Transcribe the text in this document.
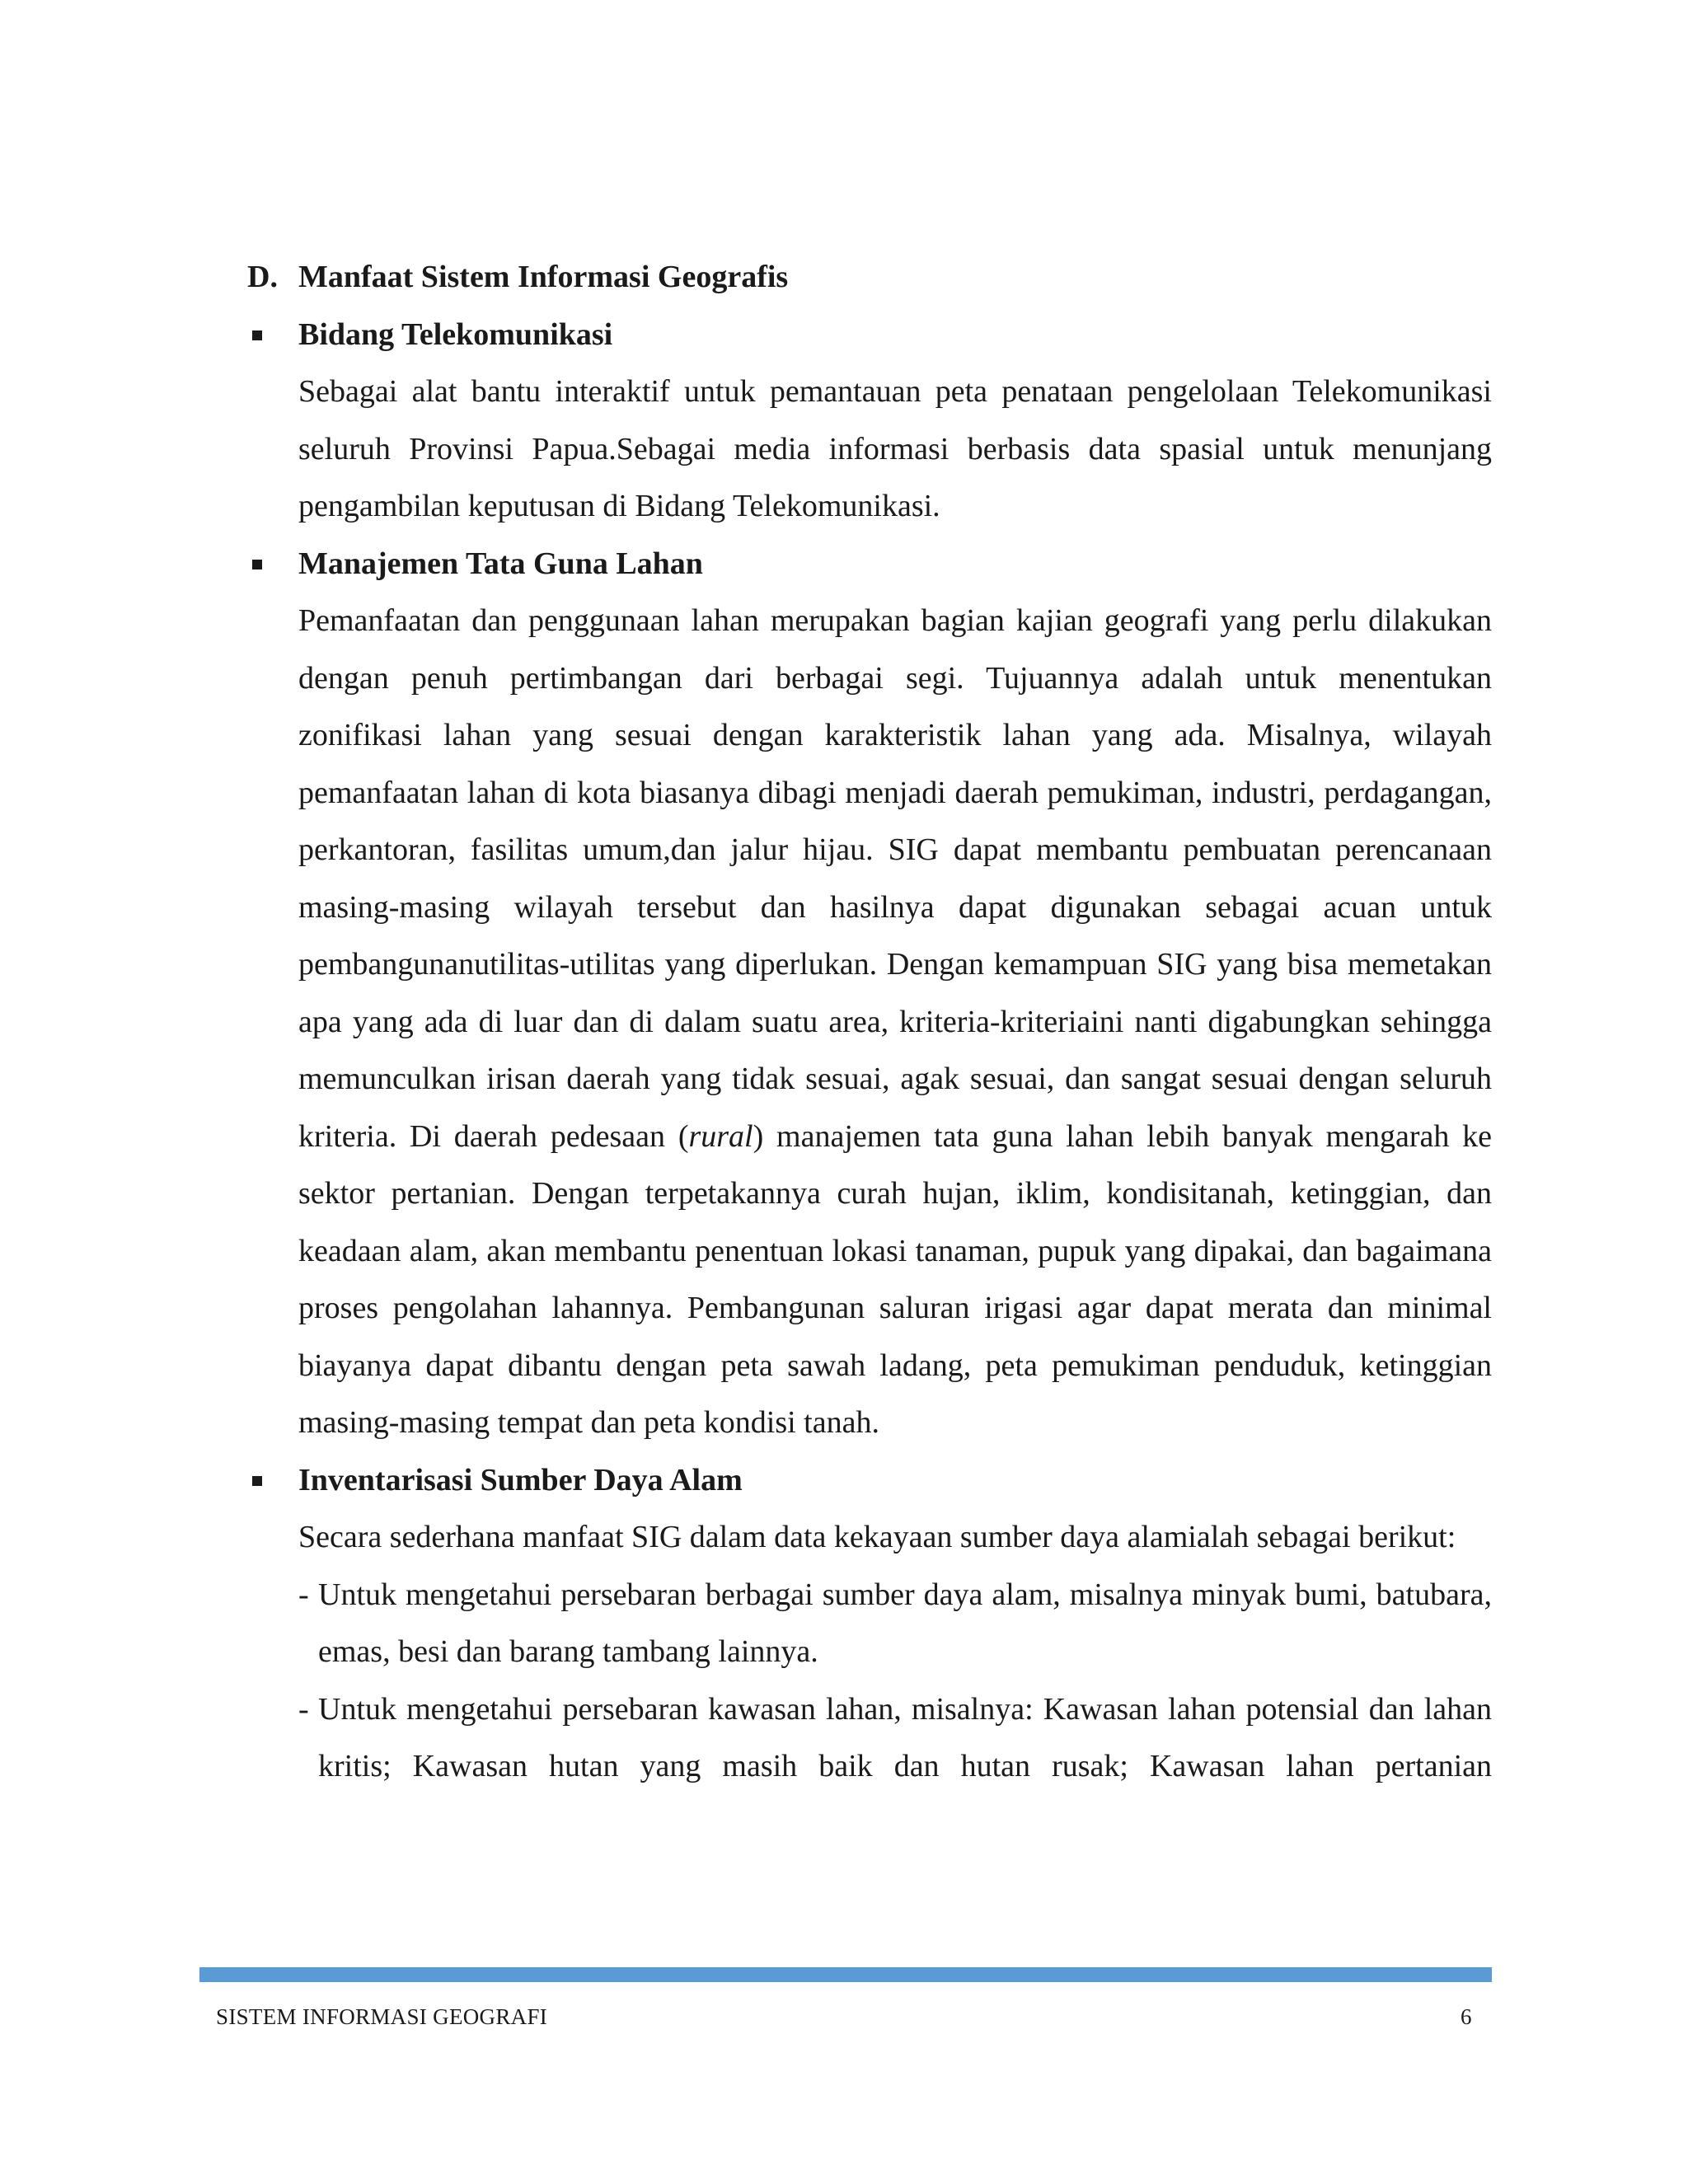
D. Manfaat Sistem Informasi Geografis
Bidang Telekomunikasi
Sebagai alat bantu interaktif untuk pemantauan peta penataan pengelolaan Telekomunikasi seluruh Provinsi Papua.Sebagai media informasi berbasis data spasial untuk menunjang pengambilan keputusan di Bidang Telekomunikasi.
Manajemen Tata Guna Lahan
Pemanfaatan dan penggunaan lahan merupakan bagian kajian geografi yang perlu dilakukan dengan penuh pertimbangan dari berbagai segi. Tujuannya adalah untuk menentukan zonifikasi lahan yang sesuai dengan karakteristik lahan yang ada. Misalnya, wilayah pemanfaatan lahan di kota biasanya dibagi menjadi daerah pemukiman, industri, perdagangan, perkantoran, fasilitas umum,dan jalur hijau. SIG dapat membantu pembuatan perencanaan masing-masing wilayah tersebut dan hasilnya dapat digunakan sebagai acuan untuk pembangunanutilitas-utilitas yang diperlukan. Dengan kemampuan SIG yang bisa memetakan apa yang ada di luar dan di dalam suatu area, kriteria-kriteriaini nanti digabungkan sehingga memunculkan irisan daerah yang tidak sesuai, agak sesuai, dan sangat sesuai dengan seluruh kriteria. Di daerah pedesaan (rural) manajemen tata guna lahan lebih banyak mengarah ke sektor pertanian. Dengan terpetakannya curah hujan, iklim, kondisitanah, ketinggian, dan keadaan alam, akan membantu penentuan lokasi tanaman, pupuk yang dipakai, dan bagaimana proses pengolahan lahannya. Pembangunan saluran irigasi agar dapat merata dan minimal biayanya dapat dibantu dengan peta sawah ladang, peta pemukiman penduduk, ketinggian masing-masing tempat dan peta kondisi tanah.
Inventarisasi Sumber Daya Alam
Secara sederhana manfaat SIG dalam data kekayaan sumber daya alamialah sebagai berikut:
- Untuk mengetahui persebaran berbagai sumber daya alam, misalnya minyak bumi, batubara, emas, besi dan barang tambang lainnya.
- Untuk mengetahui persebaran kawasan lahan, misalnya: Kawasan lahan potensial dan lahan kritis; Kawasan hutan yang masih baik dan hutan rusak; Kawasan lahan pertanian
SISTEM INFORMASI GEOGRAFI	6
